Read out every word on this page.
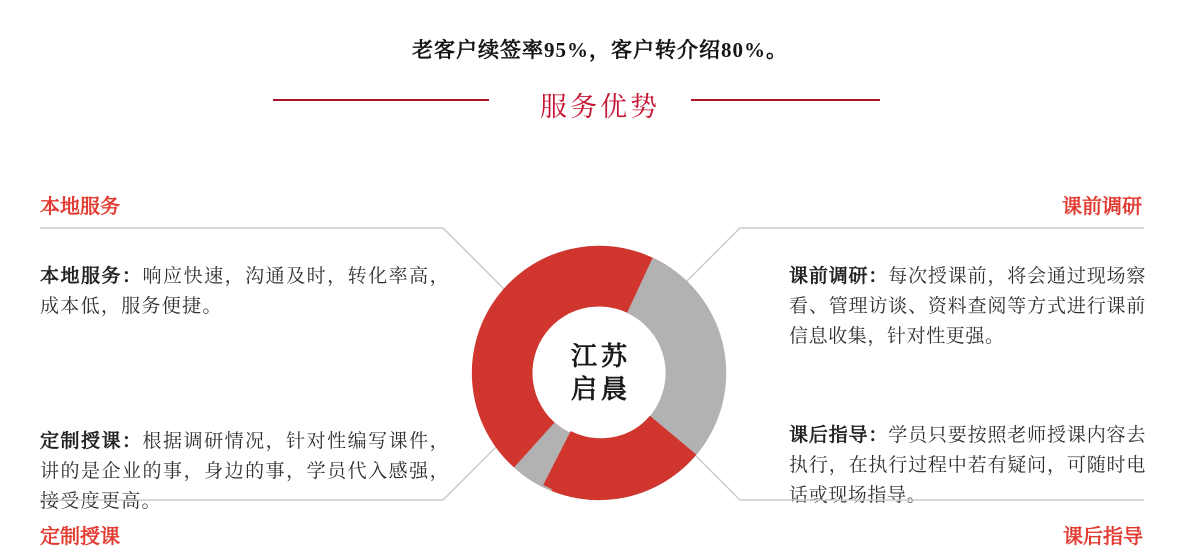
老客户续签率95%，客户转介绍80%。
服务优势
本地服务	课前调研
定制授课	课后指导

本地服务：响应快速，沟通及时，转化率高，成本低，服务便捷。

课前调研：每次授课前，将会通过现场察看、管理访谈、资料查阅等方式进行课前信息收集，针对性更强。

定制授课：根据调研情况，针对性编写课件，讲的是企业的事，身边的事，学员代入感强，接受度更高。

课后指导：学员只要按照老师授课内容去执行，在执行过程中若有疑问，可随时电话或现场指导。

江苏
启晨
